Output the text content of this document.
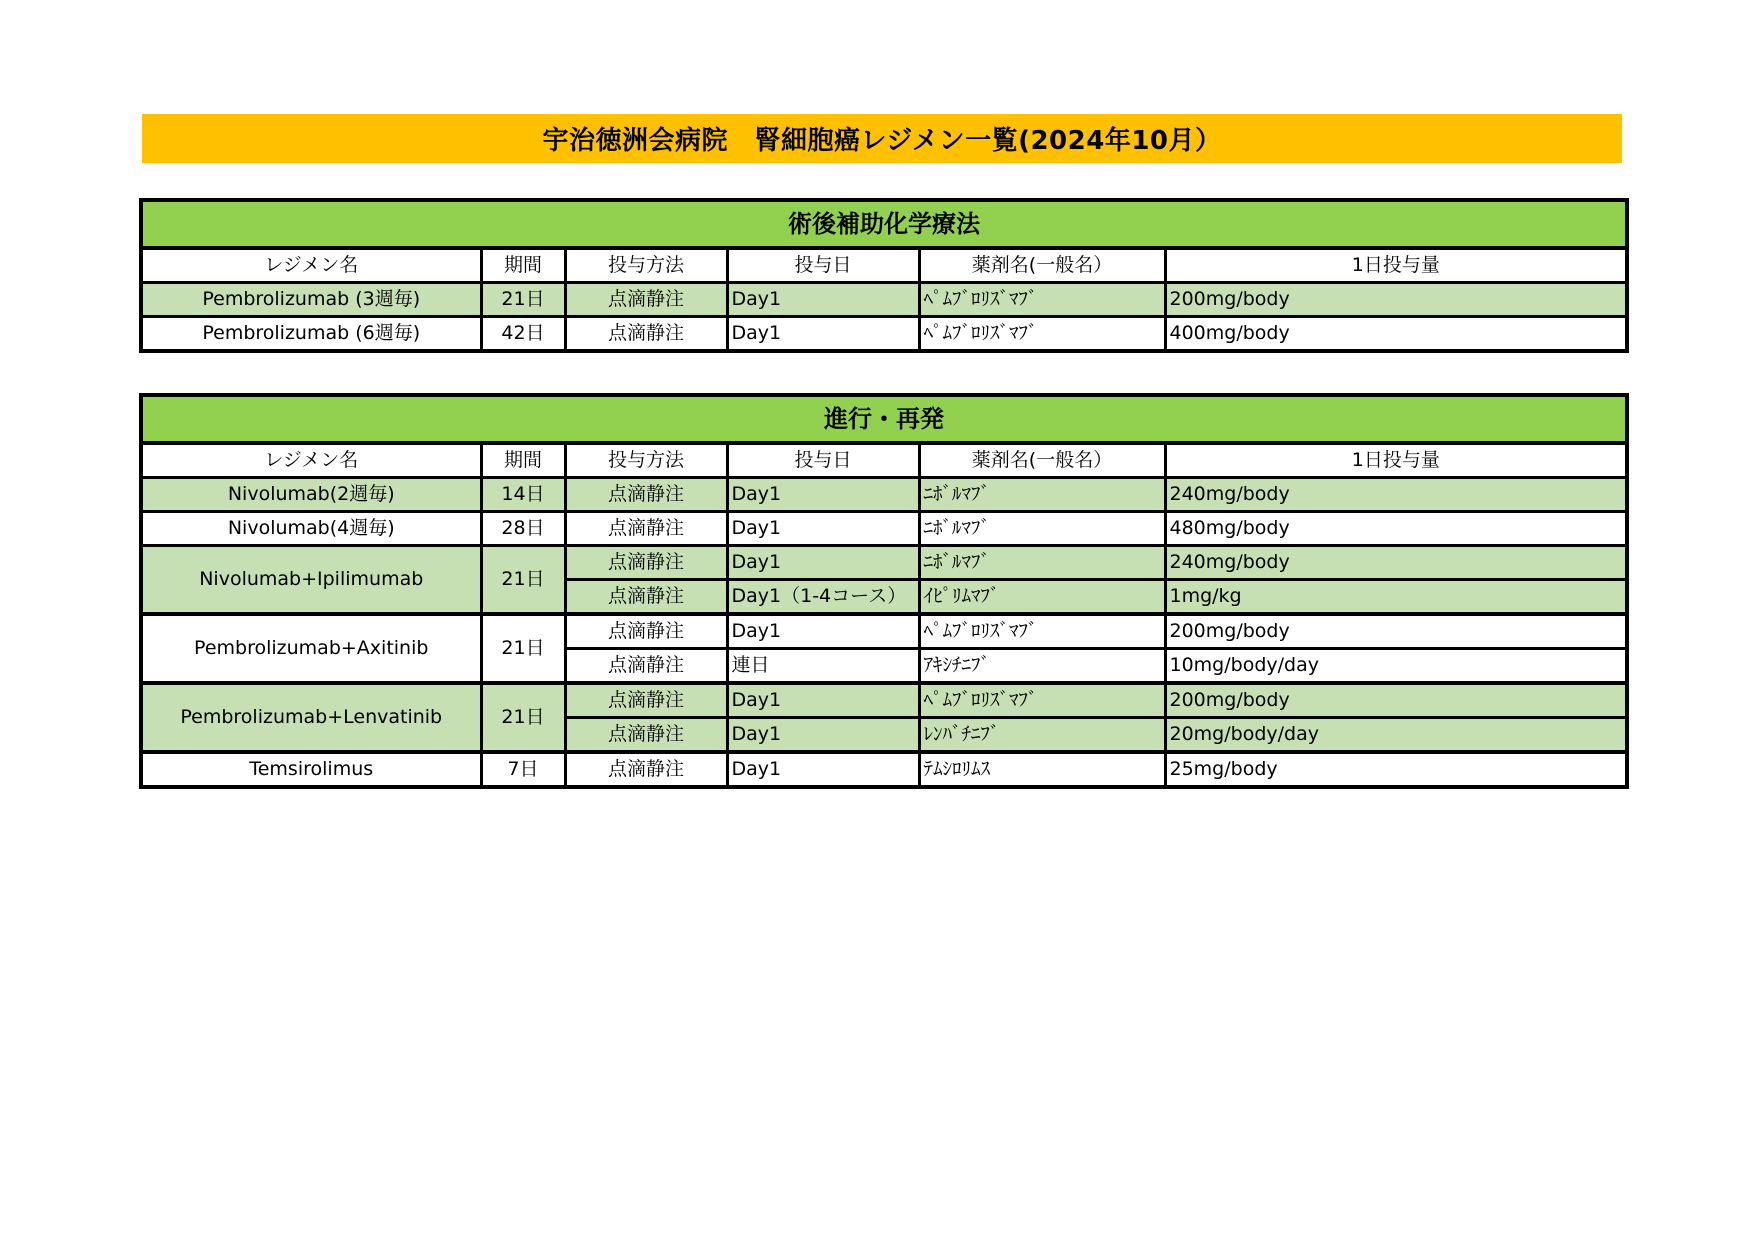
宇治徳洲会病院　腎細胞癌レジメン一覧(2024年10月）
術後補助化学療法					
レジメン名	期間	投与方法	投与日	薬剤名(一般名）	1日投与量
Pembrolizumab (3週毎)	21日	点滴静注	Day1	ﾍﾟﾑﾌﾞﾛﾘｽﾞﾏﾌﾞ	200mg/body
Pembrolizumab (6週毎)	42日	点滴静注	Day1	ﾍﾟﾑﾌﾞﾛﾘｽﾞﾏﾌﾞ	400mg/body
進行・再発					
レジメン名	期間	投与方法	投与日	薬剤名(一般名）	1日投与量
Nivolumab(2週毎)	14日	点滴静注	Day1	ﾆﾎﾞﾙﾏﾌﾞ	240mg/body
Nivolumab(4週毎)	28日	点滴静注	Day1	ﾆﾎﾞﾙﾏﾌﾞ	480mg/body
Nivolumab+Ipilimumab	21日	点滴静注	Day1	ﾆﾎﾞﾙﾏﾌﾞ	240mg/body
		点滴静注	Day1（1-4コース）	ｲﾋﾟﾘﾑﾏﾌﾞ	1mg/kg
Pembrolizumab+Axitinib	21日	点滴静注	Day1	ﾍﾟﾑﾌﾞﾛﾘｽﾞﾏﾌﾞ	200mg/body
		点滴静注	連日	ｱｷｼﾁﾆﾌﾞ	10mg/body/day
Pembrolizumab+Lenvatinib	21日	点滴静注	Day1	ﾍﾟﾑﾌﾞﾛﾘｽﾞﾏﾌﾞ	200mg/body
		点滴静注	Day1	ﾚﾝﾊﾞﾁﾆﾌﾞ	20mg/body/day
Temsirolimus	7日	点滴静注	Day1	ﾃﾑｼﾛﾘﾑｽ	25mg/body
